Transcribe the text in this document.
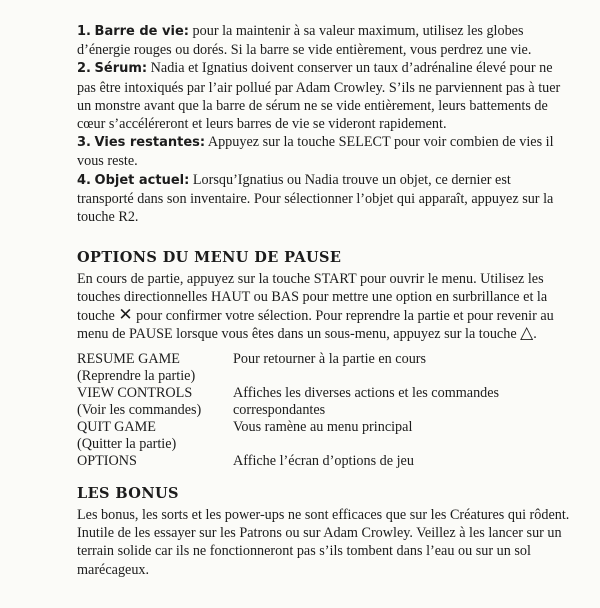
1. Barre de vie: pour la maintenir à sa valeur maximum, utilisez les globes d’énergie rouges ou dorés. Si la barre se vide entièrement, vous perdrez une vie.

2. Sérum: Nadia et Ignatius doivent conserver un taux d’adrénaline élevé pour ne pas être intoxiqués par l’air pollué par Adam Crowley. S’ils ne parviennent pas à tuer un monstre avant que la barre de sérum ne se vide entièrement, leurs battements de cœur s’accéléreront et leurs barres de vie se videront rapidement.

3. Vies restantes: Appuyez sur la touche SELECT pour voir combien de vies il vous reste.

4. Objet actuel: Lorsqu’Ignatius ou Nadia trouve un objet, ce dernier est transporté dans son inventaire. Pour sélectionner l’objet qui apparaît, appuyez sur la touche R2.

OPTIONS DU MENU DE PAUSE

En cours de partie, appuyez sur la touche START pour ouvrir le menu. Utilisez les touches directionnelles HAUT ou BAS pour mettre une option en surbrillance et la touche ✕ pour confirmer votre sélection. Pour reprendre la partie et pour revenir au menu de PAUSE lorsque vous êtes dans un sous-menu, appuyez sur la touche △.

RESUME GAME
(Reprendre la partie)	Pour retourner à la partie en cours
VIEW CONTROLS
(Voir les commandes)	Affiches les diverses actions et les commandes correspondantes
QUIT GAME
(Quitter la partie)	Vous ramène au menu principal
OPTIONS	Affiche l’écran d’options de jeu
LES BONUS

Les bonus, les sorts et les power-ups ne sont efficaces que sur les Créatures qui rôdent. Inutile de les essayer sur les Patrons ou sur Adam Crowley. Veillez à les lancer sur un terrain solide car ils ne fonctionneront pas s’ils tombent dans l’eau ou sur un sol marécageux.
